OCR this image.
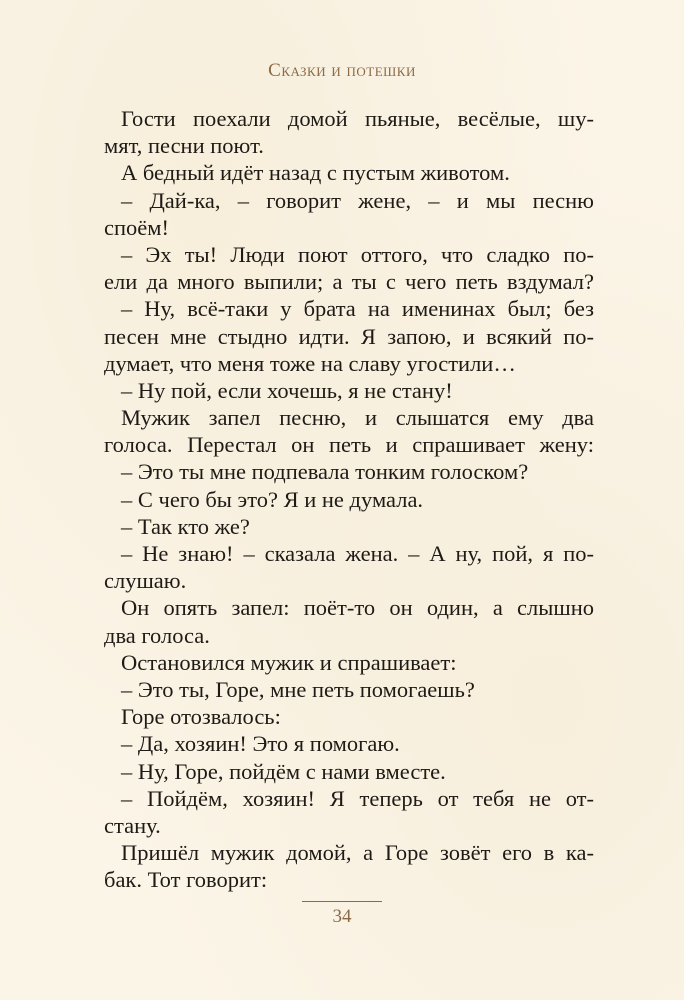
Сказки и потешки
Гости поехали домой пьяные, весёлые, шу-
мят, песни поют.
А бедный идёт назад с пустым животом.
– Дай-ка, – говорит жене, – и мы песню
споём!
– Эх ты! Люди поют оттого, что сладко по-
ели да много выпили; а ты с чего петь вздумал?
– Ну, всё-таки у брата на именинах был; без
песен мне стыдно идти. Я запою, и всякий по-
думает, что меня тоже на славу угостили…
– Ну пой, если хочешь, я не стану!
Мужик запел песню, и слышатся ему два
голоса. Перестал он петь и спрашивает жену:
– Это ты мне подпевала тонким голоском?
– С чего бы это? Я и не думала.
– Так кто же?
– Не знаю! – сказала жена. – А ну, пой, я по-
слушаю.
Он опять запел: поёт-то он один, а слышно
два голоса.
Остановился мужик и спрашивает:
– Это ты, Горе, мне петь помогаешь?
Горе отозвалось:
– Да, хозяин! Это я помогаю.
– Ну, Горе, пойдём с нами вместе.
– Пойдём, хозяин! Я теперь от тебя не от-
стану.
Пришёл мужик домой, а Горе зовёт его в ка-
бак. Тот говорит:
34
